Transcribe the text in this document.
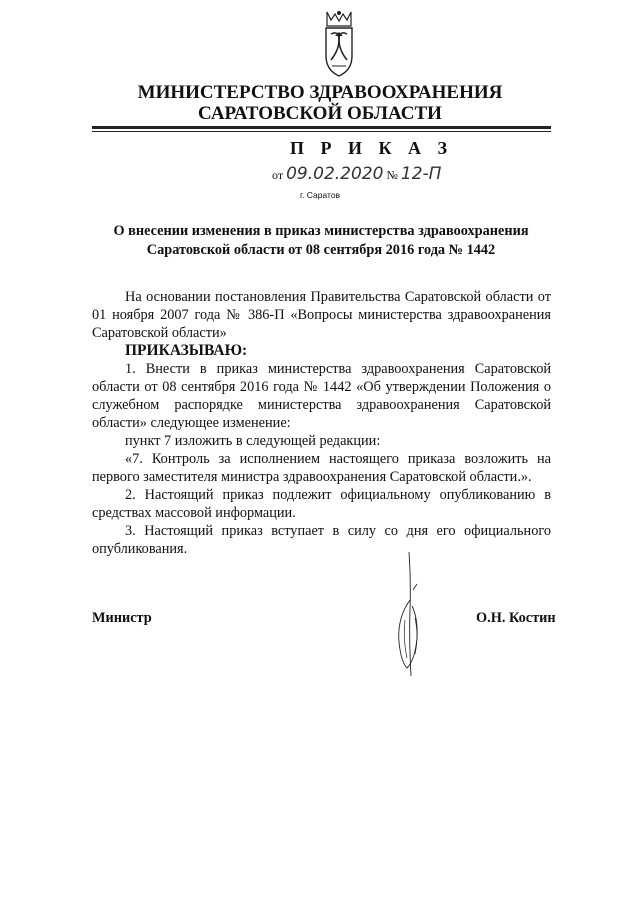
МИНИСТЕРСТВО ЗДРАВООХРАНЕНИЯ
САРАТОВСКОЙ ОБЛАСТИ
П Р И К А З
от 09.02.2020 № 12-П
г. Саратов
О внесении изменения в приказ министерства здравоохранения
Саратовской области от 08 сентября 2016 года № 1442
На основании постановления Правительства Саратовской области от
01 ноября 2007 года № 386-П «Вопросы министерства здравоохранения
Саратовской области»
ПРИКАЗЫВАЮ:
1. Внести в приказ министерства здравоохранения Саратовской
области от 08 сентября 2016 года № 1442 «Об утверждении Положения о
служебном распорядке министерства здравоохранения Саратовской
области» следующее изменение:
пункт 7 изложить в следующей редакции:
«7. Контроль за исполнением настоящего приказа возложить на
первого заместителя министра здравоохранения Саратовской области.».
2. Настоящий приказ подлежит официальному опубликованию в
средствах массовой информации.
3. Настоящий приказ вступает в силу со дня его официального
опубликования.
Министр	О.Н. Костин
